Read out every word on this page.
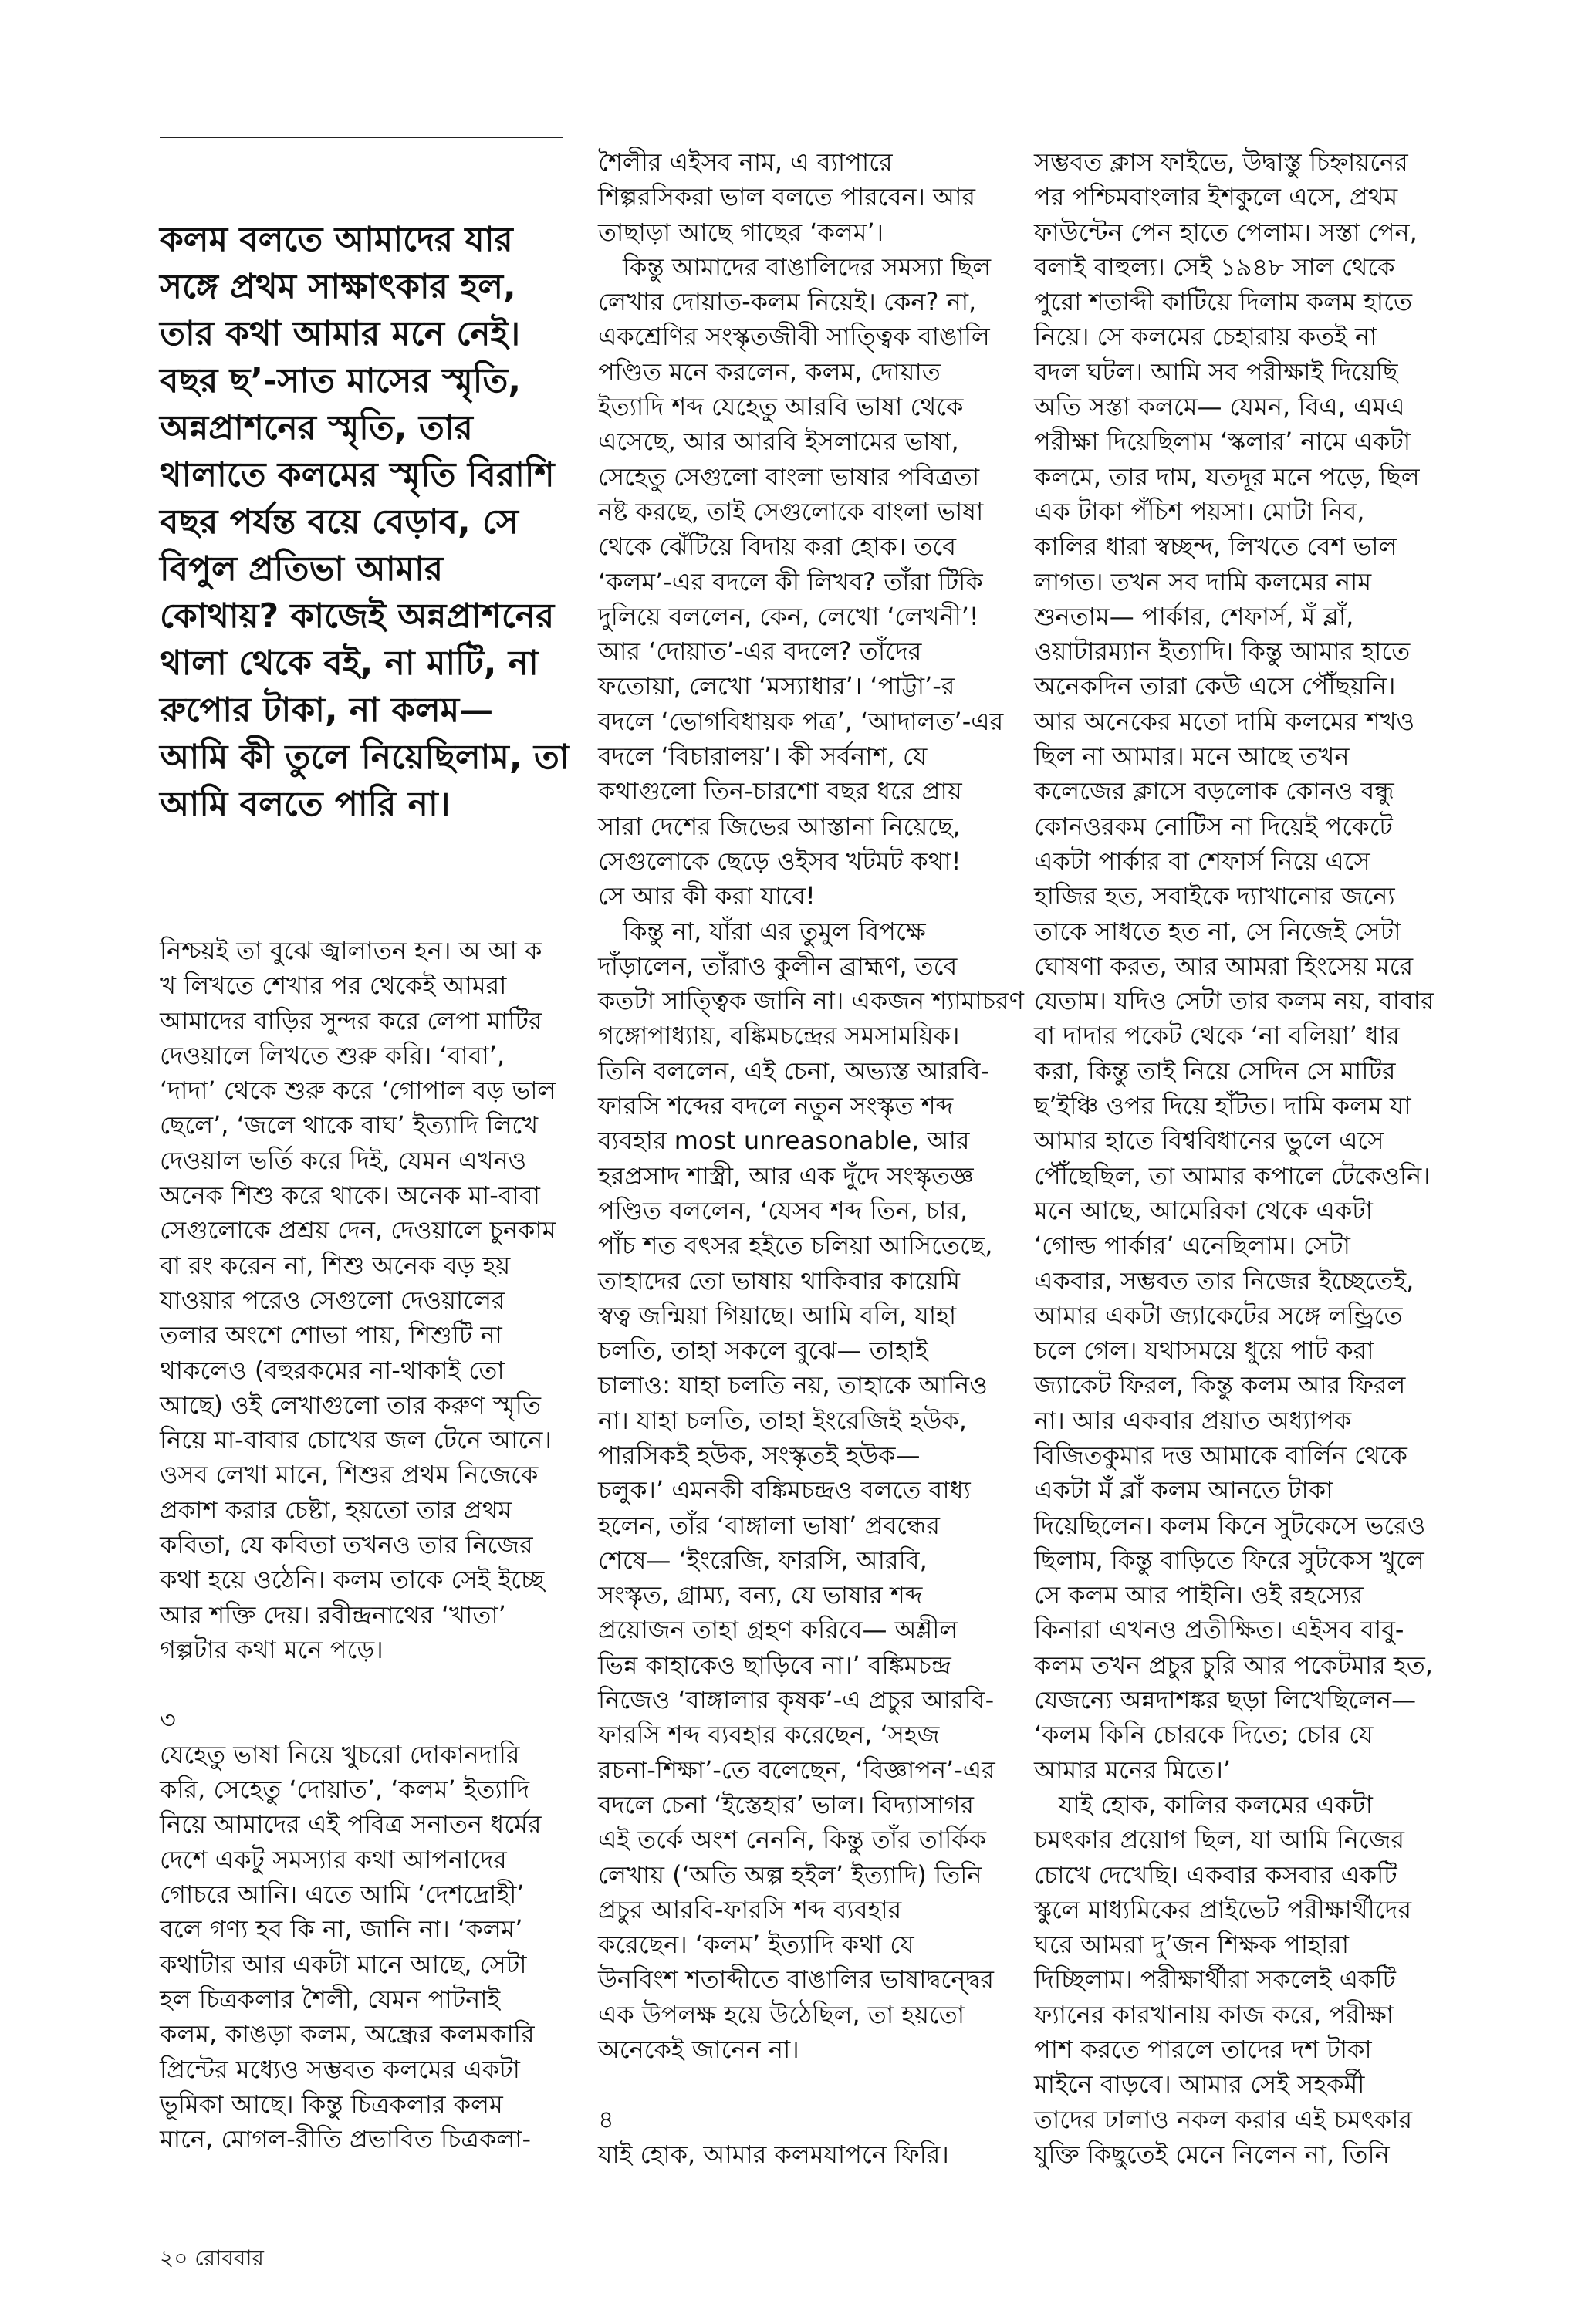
কলম বলতে আমাদের যার
সঙ্গে প্রথম সাক্ষাৎকার হল,
তার কথা আমার মনে নেই।
বছর ছ’-সাত মাসের স্মৃতি,
অন্নপ্রাশনের স্মৃতি, তার
থালাতে কলমের স্মৃতি বিরাশি
বছর পর্যন্ত বয়ে বেড়াব, সে
বিপুল প্রতিভা আমার
কোথায়? কাজেই অন্নপ্রাশনের
থালা থেকে বই, না মাটি, না
রুপোর টাকা, না কলম—
আমি কী তুলে নিয়েছিলাম, তা
আমি বলতে পারি না।
নিশ্চয়ই তা বুঝে জ্বালাতন হন। অ আ ক
খ লিখতে শেখার পর থেকেই আমরা
আমাদের বাড়ির সুন্দর করে লেপা মাটির
দেওয়ালে লিখতে শুরু করি। ‘বাবা’,
‘দাদা’ থেকে শুরু করে ‘গোপাল বড় ভাল
ছেলে’, ‘জলে থাকে বাঘ’ ইত্যাদি লিখে
দেওয়াল ভর্তি করে দিই, যেমন এখনও
অনেক শিশু করে থাকে। অনেক মা-বাবা
সেগুলোকে প্রশ্রয় দেন, দেওয়ালে চুনকাম
বা রং করেন না, শিশু অনেক বড় হয়
যাওয়ার পরেও সেগুলো দেওয়ালের
তলার অংশে শোভা পায়, শিশুটি না
থাকলেও (বহুরকমের না-থাকাই তো
আছে) ওই লেখাগুলো তার করুণ স্মৃতি
নিয়ে মা-বাবার চোখের জল টেনে আনে।
ওসব লেখা মানে, শিশুর প্রথম নিজেকে
প্রকাশ করার চেষ্টা, হয়তো তার প্রথম
কবিতা, যে কবিতা তখনও তার নিজের
কথা হয়ে ওঠেনি। কলম তাকে সেই ইচ্ছে
আর শক্তি দেয়। রবীন্দ্রনাথের ‘খাতা’
গল্পটার কথা মনে পড়ে।
৩
যেহেতু ভাষা নিয়ে খুচরো দোকানদারি
করি, সেহেতু ‘দোয়াত’, ‘কলম’ ইত্যাদি
নিয়ে আমাদের এই পবিত্র সনাতন ধর্মের
দেশে একটু সমস্যার কথা আপনাদের
গোচরে আনি। এতে আমি ‘দেশদ্রোহী’
বলে গণ্য হব কি না, জানি না। ‘কলম’
কথাটার আর একটা মানে আছে, সেটা
হল চিত্রকলার শৈলী, যেমন পাটনাই
কলম, কাঙড়া কলম, অন্ধ্রের কলমকারি
প্রিন্টের মধ্যেও সম্ভবত কলমের একটা
ভূমিকা আছে। কিন্তু চিত্রকলার কলম
মানে, মোগল-রীতি প্রভাবিত চিত্রকলা-
শৈলীর এইসব নাম, এ ব্যাপারে
শিল্পরসিকরা ভাল বলতে পারবেন। আর
তাছাড়া আছে গাছের ‘কলম’।
কিন্তু আমাদের বাঙালিদের সমস্যা ছিল
লেখার দোয়াত-কলম নিয়েই। কেন? না,
একশ্রেণির সংস্কৃতজীবী সাত্ত্বিক বাঙালি
পণ্ডিত মনে করলেন, কলম, দোয়াত
ইত্যাদি শব্দ যেহেতু আরবি ভাষা থেকে
এসেছে, আর আরবি ইসলামের ভাষা,
সেহেতু সেগুলো বাংলা ভাষার পবিত্রতা
নষ্ট করছে, তাই সেগুলোকে বাংলা ভাষা
থেকে ঝেঁটিয়ে বিদায় করা হোক। তবে
‘কলম’-এর বদলে কী লিখব? তাঁরা টিকি
দুলিয়ে বললেন, কেন, লেখো ‘লেখনী’!
আর ‘দোয়াত’-এর বদলে? তাঁদের
ফতোয়া, লেখো ‘মস্যাধার’। ‘পাট্টা’-র
বদলে ‘ভোগবিধায়ক পত্র’, ‘আদালত’-এর
বদলে ‘বিচারালয়’। কী সর্বনাশ, যে
কথাগুলো তিন-চারশো বছর ধরে প্রায়
সারা দেশের জিভের আস্তানা নিয়েছে,
সেগুলোকে ছেড়ে ওইসব খটমট কথা!
সে আর কী করা যাবে!
কিন্তু না, যাঁরা এর তুমুল বিপক্ষে
দাঁড়ালেন, তাঁরাও কুলীন ব্রাহ্মণ, তবে
কতটা সাত্ত্বিক জানি না। একজন শ্যামাচরণ
গঙ্গোপাধ্যায়, বঙ্কিমচন্দ্রের সমসাময়িক।
তিনি বললেন, এই চেনা, অভ্যস্ত আরবি-
ফারসি শব্দের বদলে নতুন সংস্কৃত শব্দ
ব্যবহার most unreasonable, আর
হরপ্রসাদ শাস্ত্রী, আর এক দুঁদে সংস্কৃতজ্ঞ
পণ্ডিত বললেন, ‘যেসব শব্দ তিন, চার,
পাঁচ শত বৎসর হইতে চলিয়া আসিতেছে,
তাহাদের তো ভাষায় থাকিবার কায়েমি
স্বত্ব জন্মিয়া গিয়াছে। আমি বলি, যাহা
চলতি, তাহা সকলে বুঝে— তাহাই
চালাও: যাহা চলতি নয়, তাহাকে আনিও
না। যাহা চলতি, তাহা ইংরেজিই হউক,
পারসিকই হউক, সংস্কৃতই হউক—
চলুক।’ এমনকী বঙ্কিমচন্দ্রও বলতে বাধ্য
হলেন, তাঁর ‘বাঙ্গালা ভাষা’ প্রবন্ধের
শেষে— ‘ইংরেজি, ফারসি, আরবি,
সংস্কৃত, গ্রাম্য, বন্য, যে ভাষার শব্দ
প্রয়োজন তাহা গ্রহণ করিবে— অশ্লীল
ভিন্ন কাহাকেও ছাড়িবে না।’ বঙ্কিমচন্দ্র
নিজেও ‘বাঙ্গালার কৃষক’-এ প্রচুর আরবি-
ফারসি শব্দ ব্যবহার করেছেন, ‘সহজ
রচনা-শিক্ষা’-তে বলেছেন, ‘বিজ্ঞাপন’-এর
বদলে চেনা ‘ইস্তেহার’ ভাল। বিদ্যাসাগর
এই তর্কে অংশ নেননি, কিন্তু তাঁর তার্কিক
লেখায় (‘অতি অল্প হইল’ ইত্যাদি) তিনি
প্রচুর আরবি-ফারসি শব্দ ব্যবহার
করেছেন। ‘কলম’ ইত্যাদি কথা যে
উনবিংশ শতাব্দীতে বাঙালির ভাষাদ্বন্দ্বের
এক উপলক্ষ হয়ে উঠেছিল, তা হয়তো
অনেকেই জানেন না।
৪
যাই হোক, আমার কলমযাপনে ফিরি।
সম্ভবত ক্লাস ফাইভে, উদ্বাস্তু চিহ্নায়নের
পর পশ্চিমবাংলার ইশকুলে এসে, প্রথম
ফাউন্টেন পেন হাতে পেলাম। সস্তা পেন,
বলাই বাহুল্য। সেই ১৯৪৮ সাল থেকে
পুরো শতাব্দী কাটিয়ে দিলাম কলম হাতে
নিয়ে। সে কলমের চেহারায় কতই না
বদল ঘটল। আমি সব পরীক্ষাই দিয়েছি
অতি সস্তা কলমে— যেমন, বিএ, এমএ
পরীক্ষা দিয়েছিলাম ‘স্কলার’ নামে একটা
কলমে, তার দাম, যতদূর মনে পড়ে, ছিল
এক টাকা পঁচিশ পয়সা। মোটা নিব,
কালির ধারা স্বচ্ছন্দ, লিখতে বেশ ভাল
লাগত। তখন সব দামি কলমের নাম
শুনতাম— পার্কার, শেফার্স, মঁ ব্লাঁ,
ওয়াটারম্যান ইত্যাদি। কিন্তু আমার হাতে
অনেকদিন তারা কেউ এসে পৌঁছয়নি।
আর অনেকের মতো দামি কলমের শখও
ছিল না আমার। মনে আছে তখন
কলেজের ক্লাসে বড়লোক কোনও বন্ধু
কোনওরকম নোটিস না দিয়েই পকেটে
একটা পার্কার বা শেফার্স নিয়ে এসে
হাজির হত, সবাইকে দ্যাখানোর জন্যে
তাকে সাধতে হত না, সে নিজেই সেটা
ঘোষণা করত, আর আমরা হিংসেয় মরে
যেতাম। যদিও সেটা তার কলম নয়, বাবার
বা দাদার পকেট থেকে ‘না বলিয়া’ ধার
করা, কিন্তু তাই নিয়ে সেদিন সে মাটির
ছ’ইঞ্চি ওপর দিয়ে হাঁটত। দামি কলম যা
আমার হাতে বিশ্ববিধানের ভুলে এসে
পৌঁছেছিল, তা আমার কপালে টেকেওনি।
মনে আছে, আমেরিকা থেকে একটা
‘গোল্ড পার্কার’ এনেছিলাম। সেটা
একবার, সম্ভবত তার নিজের ইচ্ছেতেই,
আমার একটা জ্যাকেটের সঙ্গে লন্ড্রিতে
চলে গেল। যথাসময়ে ধুয়ে পাট করা
জ্যাকেট ফিরল, কিন্তু কলম আর ফিরল
না। আর একবার প্রয়াত অধ্যাপক
বিজিতকুমার দত্ত আমাকে বার্লিন থেকে
একটা মঁ ব্লাঁ কলম আনতে টাকা
দিয়েছিলেন। কলম কিনে সুটকেসে ভরেও
ছিলাম, কিন্তু বাড়িতে ফিরে সুটকেস খুলে
সে কলম আর পাইনি। ওই রহস্যের
কিনারা এখনও প্রতীক্ষিত। এইসব বাবু-
কলম তখন প্রচুর চুরি আর পকেটমার হত,
যেজন্যে অন্নদাশঙ্কর ছড়া লিখেছিলেন—
‘কলম কিনি চোরকে দিতে; চোর যে
আমার মনের মিতে।’
যাই হোক, কালির কলমের একটা
চমৎকার প্রয়োগ ছিল, যা আমি নিজের
চোখে দেখেছি। একবার কসবার একটি
স্কুলে মাধ্যমিকের প্রাইভেট পরীক্ষার্থীদের
ঘরে আমরা দু’জন শিক্ষক পাহারা
দিচ্ছিলাম। পরীক্ষার্থীরা সকলেই একটি
ফ্যানের কারখানায় কাজ করে, পরীক্ষা
পাশ করতে পারলে তাদের দশ টাকা
মাইনে বাড়বে। আমার সেই সহকর্মী
তাদের ঢালাও নকল করার এই চমৎকার
যুক্তি কিছুতেই মেনে নিলেন না, তিনি
২০ রোববার
